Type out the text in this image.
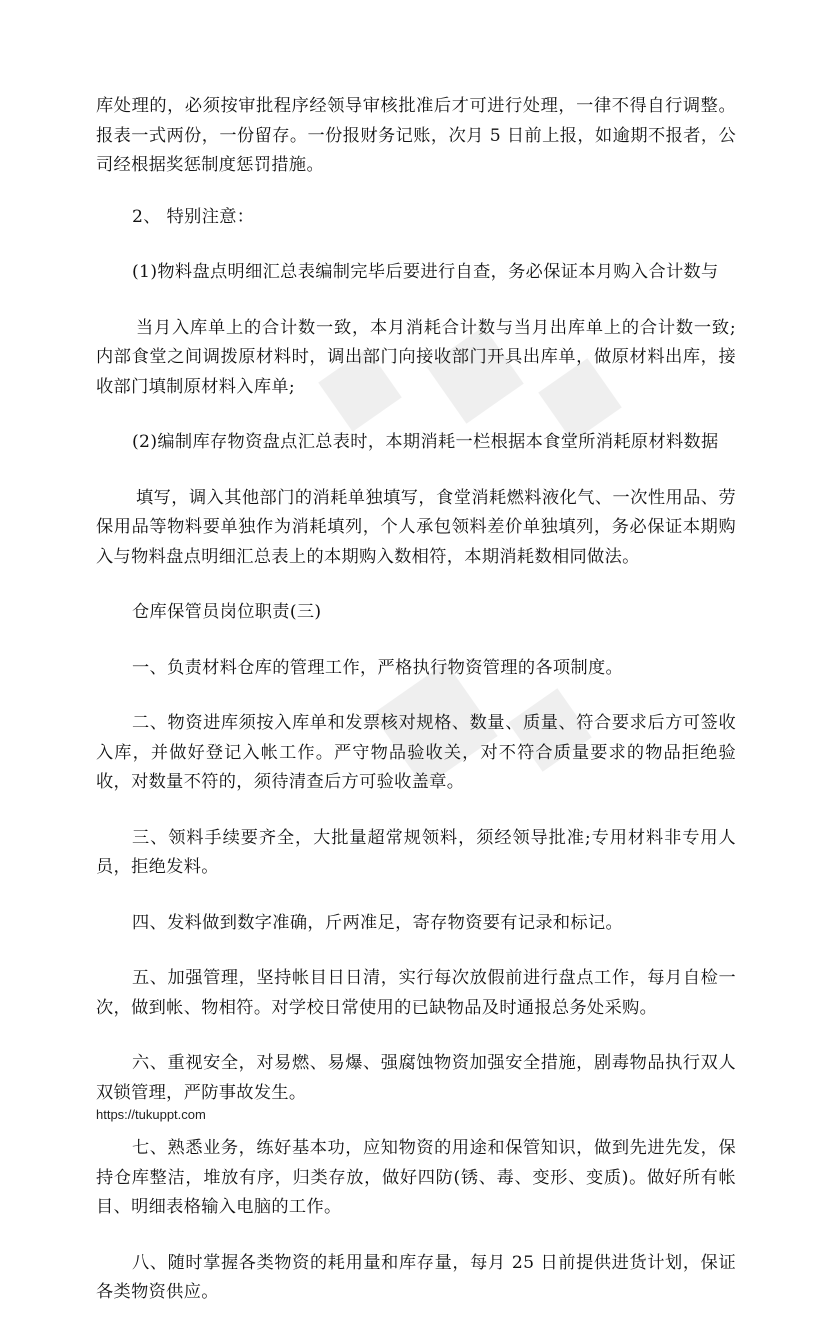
库处理的，必须按审批程序经领导审核批准后才可进行处理，一律不得自行调整。报表一式两份，一份留存。一份报财务记账，次月 5 日前上报，如逾期不报者，公司经根据奖惩制度惩罚措施。

2、 特别注意：

(1)物料盘点明细汇总表编制完毕后要进行自查，务必保证本月购入合计数与

当月入库单上的合计数一致，本月消耗合计数与当月出库单上的合计数一致;内部食堂之间调拨原材料时，调出部门向接收部门开具出库单，做原材料出库，接收部门填制原材料入库单;

(2)编制库存物资盘点汇总表时，本期消耗一栏根据本食堂所消耗原材料数据

填写，调入其他部门的消耗单独填写，食堂消耗燃料液化气、一次性用品、劳保用品等物料要单独作为消耗填列，个人承包领料差价单独填列，务必保证本期购入与物料盘点明细汇总表上的本期购入数相符，本期消耗数相同做法。

仓库保管员岗位职责(三)

一、负责材料仓库的管理工作，严格执行物资管理的各项制度。

二、物资进库须按入库单和发票核对规格、数量、质量、符合要求后方可签收入库，并做好登记入帐工作。严守物品验收关，对不符合质量要求的物品拒绝验收，对数量不符的，须待清查后方可验收盖章。

三、领料手续要齐全，大批量超常规领料，须经领导批准;专用材料非专用人员，拒绝发料。

四、发料做到数字准确，斤两准足，寄存物资要有记录和标记。

五、加强管理，坚持帐目日日清，实行每次放假前进行盘点工作，每月自检一次，做到帐、物相符。对学校日常使用的已缺物品及时通报总务处采购。

六、重视安全，对易燃、易爆、强腐蚀物资加强安全措施，剧毒物品执行双人双锁管理，严防事故发生。

七、熟悉业务，练好基本功，应知物资的用途和保管知识，做到先进先发，保持仓库整洁，堆放有序，归类存放，做好四防(锈、毒、变形、变质)。做好所有帐目、明细表格输入电脑的工作。

八、随时掌握各类物资的耗用量和库存量，每月 25 日前提供进货计划，保证各类物资供应。

https://tukuppt.com
